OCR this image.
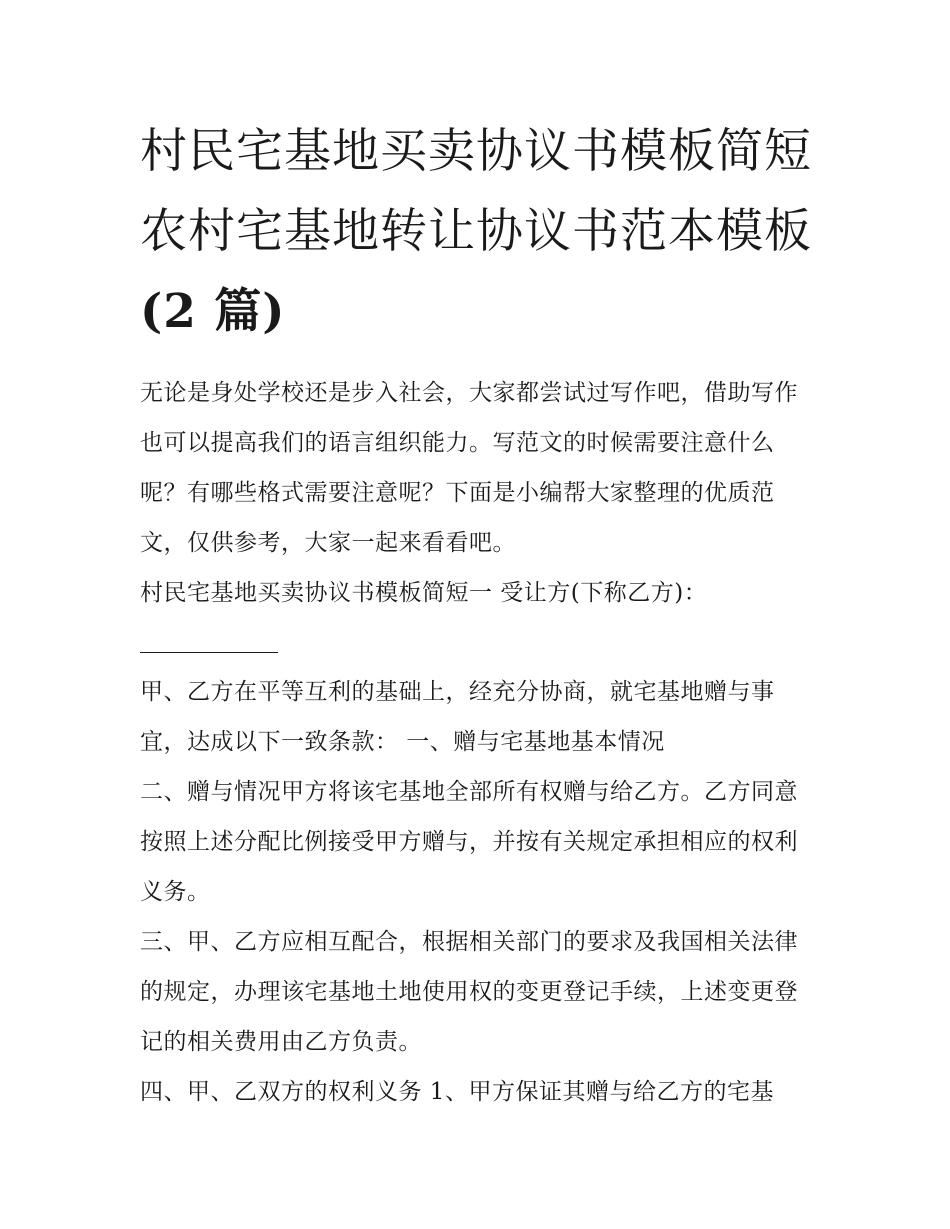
村民宅基地买卖协议书模板简短 农村宅基地转让协议书范本模板(2 篇)

无论是身处学校还是步入社会，大家都尝试过写作吧，借助写作也可以提高我们的语言组织能力。写范文的时候需要注意什么呢？有哪些格式需要注意呢？下面是小编帮大家整理的优质范文，仅供参考，大家一起来看看吧。

村民宅基地买卖协议书模板简短一 受让方(下称乙方)：

甲、乙方在平等互利的基础上，经充分协商，就宅基地赠与事宜，达成以下一致条款： 一、赠与宅基地基本情况

二、赠与情况甲方将该宅基地全部所有权赠与给乙方。乙方同意按照上述分配比例接受甲方赠与，并按有关规定承担相应的权利义务。

三、甲、乙方应相互配合，根据相关部门的要求及我国相关法律的规定，办理该宅基地土地使用权的变更登记手续，上述变更登记的相关费用由乙方负责。

四、甲、乙双方的权利义务 1、甲方保证其赠与给乙方的宅基
